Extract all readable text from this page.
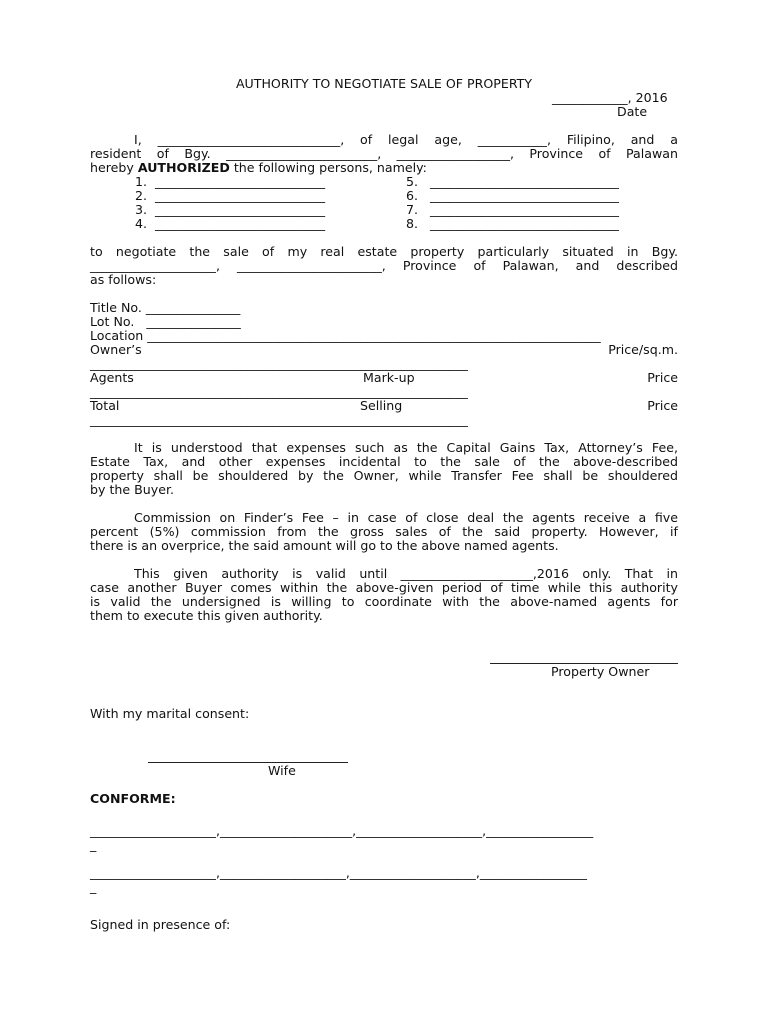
AUTHORITY TO NEGOTIATE SALE OF PROPERTY
____________, 2016
Date
I, _____________________________, of legal age, ___________, Filipino, and a
resident of Bgy. ________________________, __________________, Province of Palawan
hereby AUTHORIZED the following persons, namely:
1.  ___________________________
2.  ___________________________
3.  ___________________________
4.  ___________________________
5.   ______________________________
6.   ______________________________
7.   ______________________________
8.   ______________________________
to negotiate the sale of my real estate property particularly situated in Bgy.
____________________, _______________________, Province of Palawan, and described
as follows:
Title No. _______________
Lot No.   _______________
Location ________________________________________________________________________
Owner’s	Price/sq.m.
____________________________________________________________
Agents	Mark-up	Price
____________________________________________________________
Total	Selling	Price
____________________________________________________________
It is understood that expenses such as the Capital Gains Tax, Attorney’s Fee,
Estate Tax, and other expenses incidental to the sale of the above-described
property shall be shouldered by the Owner, while Transfer Fee shall be shouldered
by the Buyer.
Commission on Finder’s Fee – in case of close deal the agents receive a five
percent (5%) commission from the gross sales of the said property. However, if
there is an overprice, the said amount will go to the above named agents.
This given authority is valid until _____________________,2016 only. That in
case another Buyer comes within the above-given period of time while this authority
is valid the undersigned is willing to coordinate with the above-named agents for
them to execute this given authority.
Property Owner
With my marital consent:
Wife
CONFORME:
____________________,_____________________,____________________,_________________
_
____________________,____________________,____________________,_________________
_
Signed in presence of:
